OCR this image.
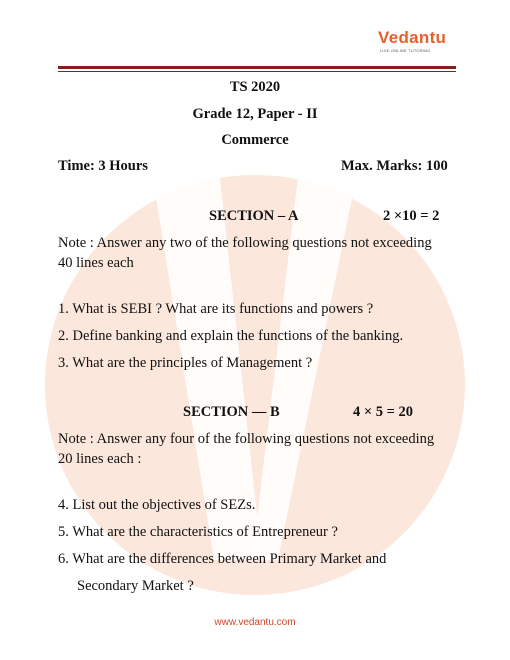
Vedantu
LIVE ONLINE TUTORING
TS 2020
Grade 12, Paper - II
Commerce
Time: 3 Hours	Max. Marks: 100
SECTION – A	2 ×10 = 2
Note : Answer any two of the following questions not exceeding
40 lines each
1. What is SEBI ? What are its functions and powers ?
2. Define banking and explain the functions of the banking.
3. What are the principles of Management ?
SECTION — B	4 × 5 = 20
Note : Answer any four of the following questions not exceeding
20 lines each :
4. List out the objectives of SEZs.
5. What are the characteristics of Entrepreneur ?
6. What are the differences between Primary Market and
Secondary Market ?
www.vedantu.com
